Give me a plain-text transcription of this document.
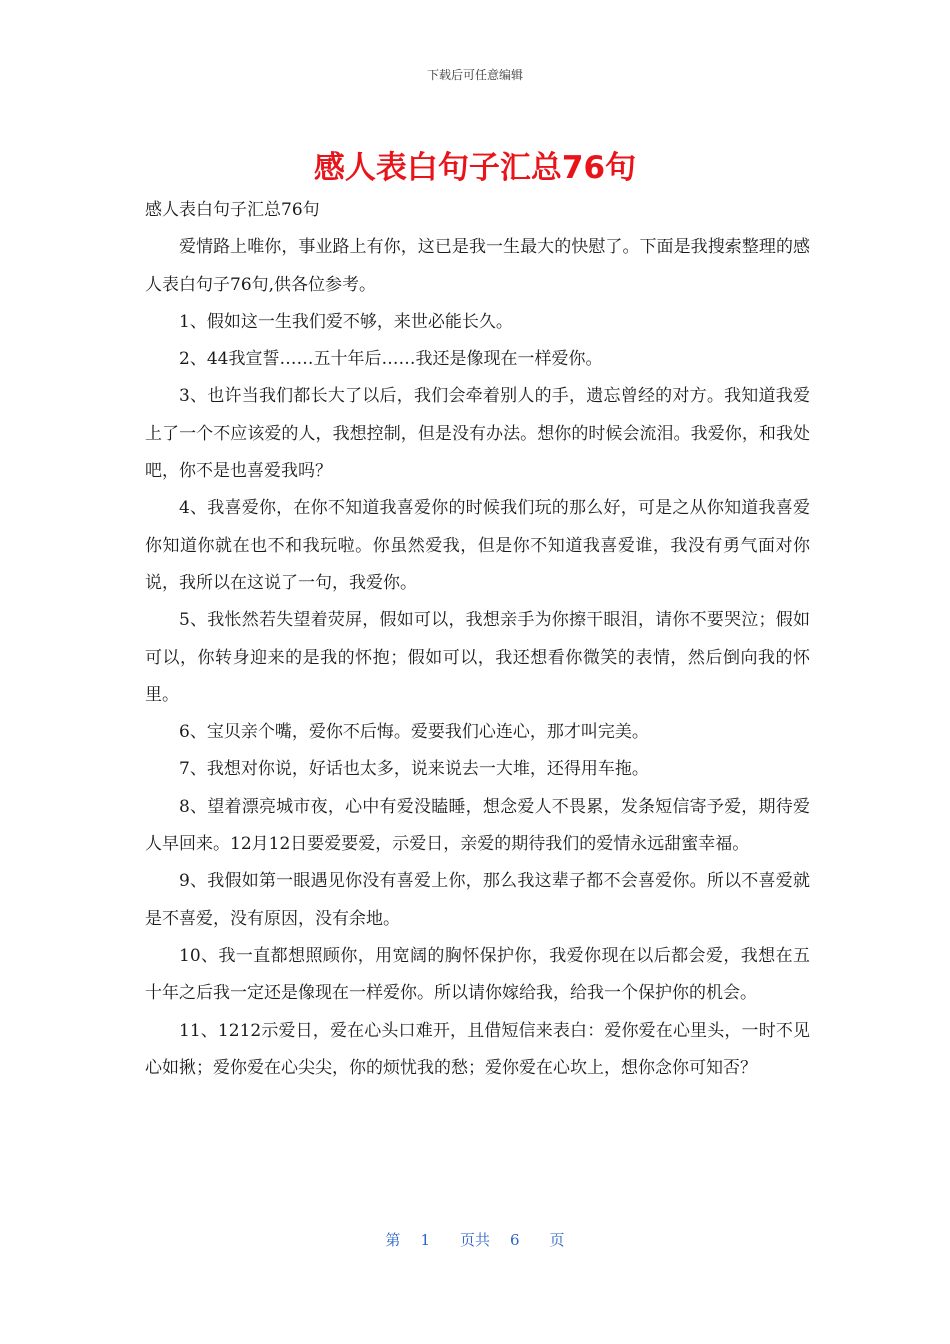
下载后可任意编辑
感人表白句子汇总76句

感人表白句子汇总76句

爱情路上唯你，事业路上有你，这已是我一生最大的快慰了。下面是我搜索整理的感人表白句子76句,供各位参考。

1、假如这一生我们爱不够，来世必能长久。

2、44我宣誓……五十年后……我还是像现在一样爱你。

3、也许当我们都长大了以后，我们会牵着别人的手，遗忘曾经的对方。我知道我爱上了一个不应该爱的人，我想控制，但是没有办法。想你的时候会流泪。我爱你，和我处吧，你不是也喜爱我吗？

4、我喜爱你，在你不知道我喜爱你的时候我们玩的那么好，可是之从你知道我喜爱你知道你就在也不和我玩啦。你虽然爱我，但是你不知道我喜爱谁，我没有勇气面对你说，我所以在这说了一句，我爱你。

5、我怅然若失望着荧屏，假如可以，我想亲手为你擦干眼泪，请你不要哭泣；假如可以，你转身迎来的是我的怀抱；假如可以，我还想看你微笑的表情，然后倒向我的怀里。

6、宝贝亲个嘴，爱你不后悔。爱要我们心连心，那才叫完美。

7、我想对你说，好话也太多，说来说去一大堆，还得用车拖。

8、望着漂亮城市夜，心中有爱没瞌睡，想念爱人不畏累，发条短信寄予爱，期待爱人早回来。12月12日要爱要爱，示爱日，亲爱的期待我们的爱情永远甜蜜幸福。

9、我假如第一眼遇见你没有喜爱上你，那么我这辈子都不会喜爱你。所以不喜爱就是不喜爱，没有原因，没有余地。

10、我一直都想照顾你，用宽阔的胸怀保护你，我爱你现在以后都会爱，我想在五十年之后我一定还是像现在一样爱你。所以请你嫁给我，给我一个保护你的机会。

11、1212示爱日，爱在心头口难开，且借短信来表白：爱你爱在心里头，一时不见心如揪；爱你爱在心尖尖，你的烦忧我的愁；爱你爱在心坎上，想你念你可知否？

第 1 页共 6 页
